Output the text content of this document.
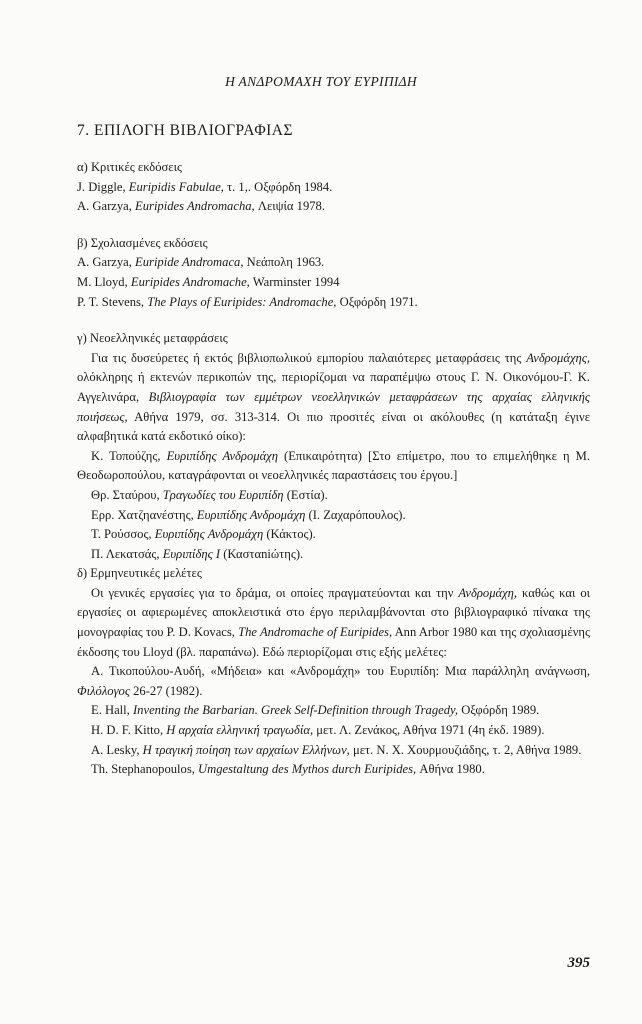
Η ΑΝΔΡΟΜΑΧΗ ΤΟΥ ΕΥΡΙΠΙΔΗ
7. ΕΠΙΛΟΓΗ ΒΙΒΛΙΟΓΡΑΦΙΑΣ

α) Κριτικές εκδόσεις

J. Diggle, Euripidis Fabulae, τ. 1,. Οξφόρδη 1984.

A. Garzya, Euripides Andromacha, Λειψία 1978.

β) Σχολιασμένες εκδόσεις

A. Garzya, Euripide Andromaca, Νεάπολη 1963.

M. Lloyd, Euripides Andromache, Warminster 1994

P. T. Stevens, The Plays of Euripides: Andromache, Οξφόρδη 1971.

γ) Νεοελληνικές μεταφράσεις

Για τις δυσεύρετες ή εκτός βιβλιοπωλικού εμπορίου παλαιότερες μεταφράσεις της Ανδρομάχης, ολόκληρης ή εκτενών περικοπών της, περιορίζομαι να παραπέμψω στους Γ. Ν. Οικονόμου-Γ. Κ. Αγγελινάρα, Βιβλιογραφία των εμμέτρων νεοελληνικών μεταφράσεων της αρχαίας ελληνικής ποιήσεως, Αθήνα 1979, σσ. 313-314. Οι πιο προσιτές είναι οι ακόλουθες (η κατάταξη έγινε αλφαβητικά κατά εκδοτικό οίκο):

Κ. Τοπούζης, Ευριπίδης Ανδρομάχη (Επικαιρότητα) [Στο επίμετρο, που το επιμελήθηκε η Μ. Θεοδωροπούλου, καταγράφονται οι νεοελληνικές παραστάσεις του έργου.]

Θρ. Σταύρου, Τραγωδίες του Ευριπίδη (Εστία).

Ερρ. Χατζηανέστης, Ευριπίδης Ανδρομάχη (Ι. Ζαχαρόπουλος).

Τ. Ρούσσος, Ευριπίδης Ανδρομάχη (Κάκτος).

Π. Λεκατσάς, Ευριπίδης Ι (Κασταniώτης).

δ) Ερμηνευτικές μελέτες

Οι γενικές εργασίες για το δράμα, οι οποίες πραγματεύονται και την Ανδρομάχη, καθώς και οι εργασίες οι αφιερωμένες αποκλειστικά στο έργο περιλαμβάνονται στο βιβλιογραφικό πίνακα της μονογραφίας του P. D. Kovacs, The Andromache of Euripides, Ann Arbor 1980 και της σχολιασμένης έκδοσης του Lloyd (βλ. παραπάνω). Εδώ περιορίζομαι στις εξής μελέτες:

Α. Τικοπούλου-Αυδή, «Μήδεια» και «Ανδρομάχη» του Ευριπίδη: Μια παράλληλη ανάγνωση, Φιλόλογος 26-27 (1982).

E. Hall, Inventing the Barbarian. Greek Self-Definition through Tragedy, Οξφόρδη 1989.

H. D. F. Kitto, Η αρχαία ελληνική τραγωδία, μετ. Λ. Ζενάκος, Αθήνα 1971 (4η έκδ. 1989).

A. Lesky, Η τραγική ποίηση των αρχαίων Ελλήνων, μετ. Ν. Χ. Χουρμουζιάδης, τ. 2, Αθήνα 1989.

Th. Stephanopoulos, Umgestaltung des Mythos durch Euripides, Αθήνα 1980.

395
